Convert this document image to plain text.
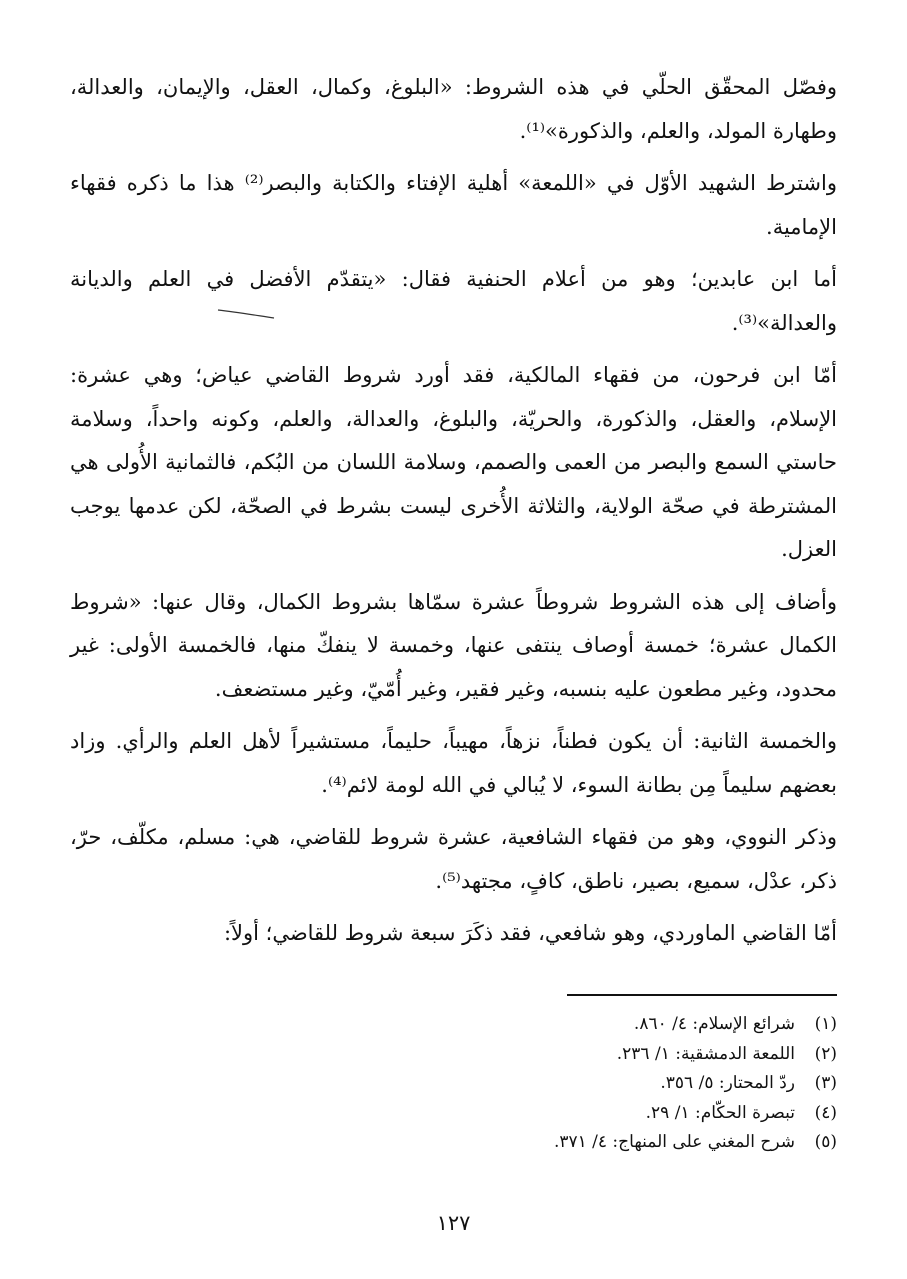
وفصّل المحقّق الحلّي في هذه الشروط: «البلوغ، وكمال، العقل، والإيمان، والعدالة، وطهارة المولد، والعلم، والذكورة»⁽¹⁾.

واشترط الشهيد الأوّل في «اللمعة» أهلية الإفتاء والكتابة والبصر⁽²⁾ هذا ما ذكره فقهاء الإمامية.

أما ابن عابدين؛ وهو من أعلام الحنفية فقال: «يتقدّم الأفضل في العلم والديانة والعدالة»⁽³⁾.

أمّا ابن فرحون، من فقهاء المالكية، فقد أورد شروط القاضي عياض؛ وهي عشرة: الإسلام، والعقل، والذكورة، والحريّة، والبلوغ، والعدالة، والعلم، وكونه واحداً، وسلامة حاستي السمع والبصر من العمى والصمم، وسلامة اللسان من البُكم، فالثمانية الأُولى هي المشترطة في صحّة الولاية، والثلاثة الأُخرى ليست بشرط في الصحّة، لكن عدمها يوجب العزل.

وأضاف إلى هذه الشروط شروطاً عشرة سمّاها بشروط الكمال، وقال عنها: «شروط الكمال عشرة؛ خمسة أوصاف ينتفى عنها، وخمسة لا ينفكّ منها، فالخمسة الأولى: غير محدود، وغير مطعون عليه بنسبه، وغير فقير، وغير أُمّيّ، وغير مستضعف.

والخمسة الثانية: أن يكون فطناً، نزهاً، مهيباً، حليماً، مستشيراً لأهل العلم والرأي. وزاد بعضهم سليماً مِن بطانة السوء، لا يُبالي في الله لومة لائم⁽⁴⁾.

وذكر النووي، وهو من فقهاء الشافعية، عشرة شروط للقاضي، هي: مسلم، مكلّف، حرّ، ذكر، عدْل، سميع، بصير، ناطق، كافٍ، مجتهد⁽⁵⁾.

أمّا القاضي الماوردي، وهو شافعي، فقد ذكَرَ سبعة شروط للقاضي؛ أولاً:

(١)شرائع الإسلام: ٤/ ٨٦٠.
(٢)اللمعة الدمشقية: ١/ ٢٣٦.
(٣)ردّ المحتار: ٥/ ٣٥٦.
(٤)تبصرة الحكّام: ١/ ٢٩.
(٥)شرح المغني على المنهاج: ٤/ ٣٧١.
١٢٧
